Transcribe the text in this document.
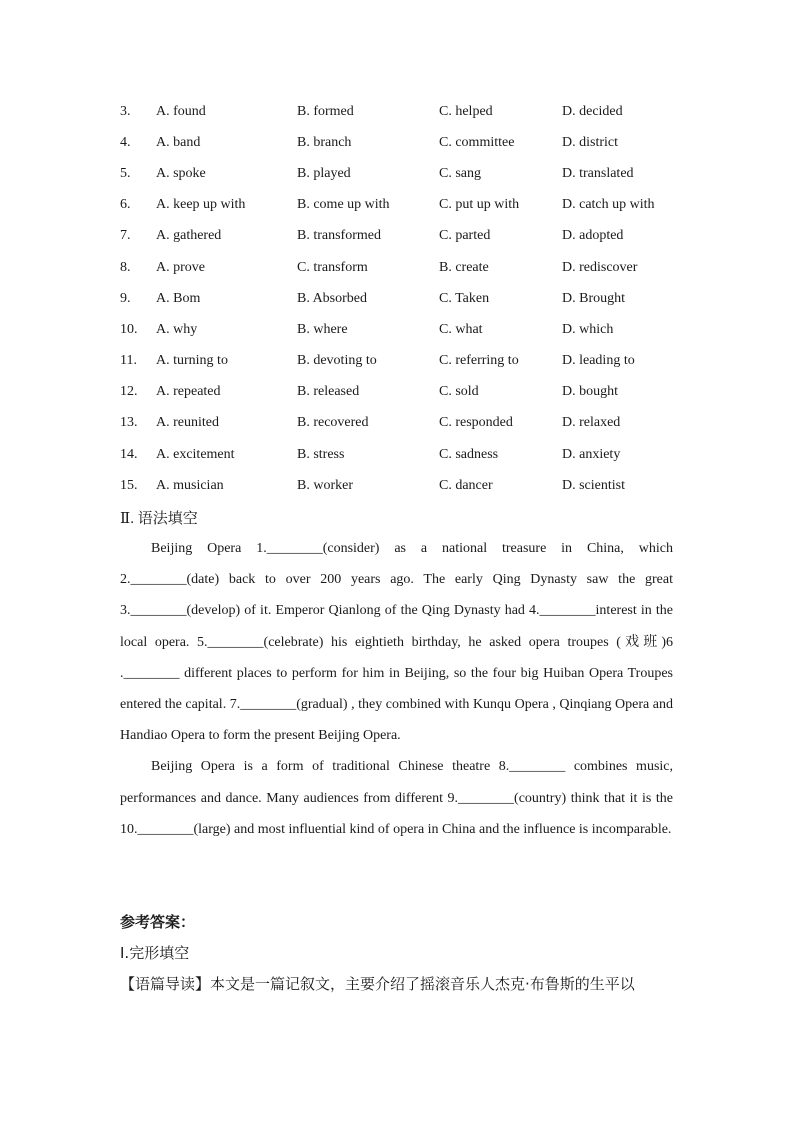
3. A. found	B. formed	C. helped	D. decided
4. A. band	B. branch	C. committee	D. district
5. A. spoke	B. played	C. sang	D. translated
6. A. keep up with	B. come up with	C. put up with	D. catch up with
7. A. gathered	B. transformed	C. parted	D. adopted
8. A. prove	C. transform	B. create	D. rediscover
9. A. Bom	B. Absorbed	C. Taken	D. Brought
10. A. why	B. where	C. what	D. which
11. A. turning to	B. devoting to	C. referring to	D. leading to
12. A. repeated	B. released	C. sold	D. bought
13. A. reunited	B. recovered	C. responded	D. relaxed
14. A. excitement	B. stress	C. sadness	D. anxiety
15. A. musician	B. worker	C. dancer	D. scientist
Ⅱ. 语法填空

Beijing Opera 1.________(consider) as a national treasure in China, which 2.________(date) back to over 200 years ago. The early Qing Dynasty saw the great 3.________(develop) of it. Emperor Qianlong of the Qing Dynasty had 4.________interest in the local opera. 5.________(celebrate) his eightieth birthday, he asked opera troupes (戏班)6 .________ different places to perform for him in Beijing, so the four big Huiban Opera Troupes entered the capital. 7.________(gradual) , they combined with Kunqu Opera , Qinqiang Opera and Handiao Opera to form the present Beijing Opera.

Beijing Opera is a form of traditional Chinese theatre 8.________ combines music, performances and dance. Many audiences from different 9.________(country) think that it is the 10.________(large) and most influential kind of opera in China and the influence is incomparable.

参考答案：
Ⅰ.完形填空
【语篇导读】本文是一篇记叙文，主要介绍了摇滚音乐人杰克·布鲁斯的生平以
